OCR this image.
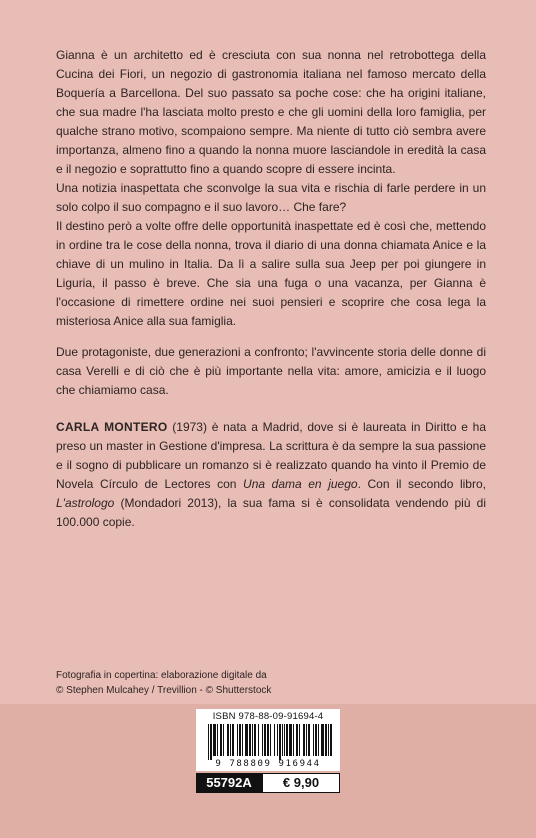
Gianna è un architetto ed è cresciuta con sua nonna nel retrobottega della Cucina dei Fiori, un negozio di gastronomia italiana nel famoso mercato della Boquería a Barcellona. Del suo passato sa poche cose: che ha origini italiane, che sua madre l'ha lasciata molto presto e che gli uomini della loro famiglia, per qualche strano motivo, scompaiono sempre. Ma niente di tutto ciò sembra avere importanza, almeno fino a quando la nonna muore lasciandole in eredità la casa e il negozio e soprattutto fino a quando scopre di essere incinta.

Una notizia inaspettata che sconvolge la sua vita e rischia di farle perdere in un solo colpo il suo compagno e il suo lavoro… Che fare?

Il destino però a volte offre delle opportunità inaspettate ed è così che, mettendo in ordine tra le cose della nonna, trova il diario di una donna chiamata Anice e la chiave di un mulino in Italia. Da lì a salire sulla sua Jeep per poi giungere in Liguria, il passo è breve. Che sia una fuga o una vacanza, per Gianna è l'occasione di rimettere ordine nei suoi pensieri e scoprire che cosa lega la misteriosa Anice alla sua famiglia.

Due protagoniste, due generazioni a confronto; l'avvincente storia delle donne di casa Verelli e di ciò che è più importante nella vita: amore, amicizia e il luogo che chiamiamo casa.

CARLA MONTERO (1973) è nata a Madrid, dove si è laureata in Diritto e ha preso un master in Gestione d'impresa. La scrittura è da sempre la sua passione e il sogno di pubblicare un romanzo si è realizzato quando ha vinto il Premio de Novela Círculo de Lectores con Una dama en juego. Con il secondo libro, L'astrologo (Mondadori 2013), la sua fama si è consolidata vendendo più di 100.000 copie.

Fotografia in copertina: elaborazione digitale da
© Stephen Mulcahey / Trevillion - © Shutterstock
ISBN 978-88-09-91694-4
9 788809 916944
55792A	€ 9,90
